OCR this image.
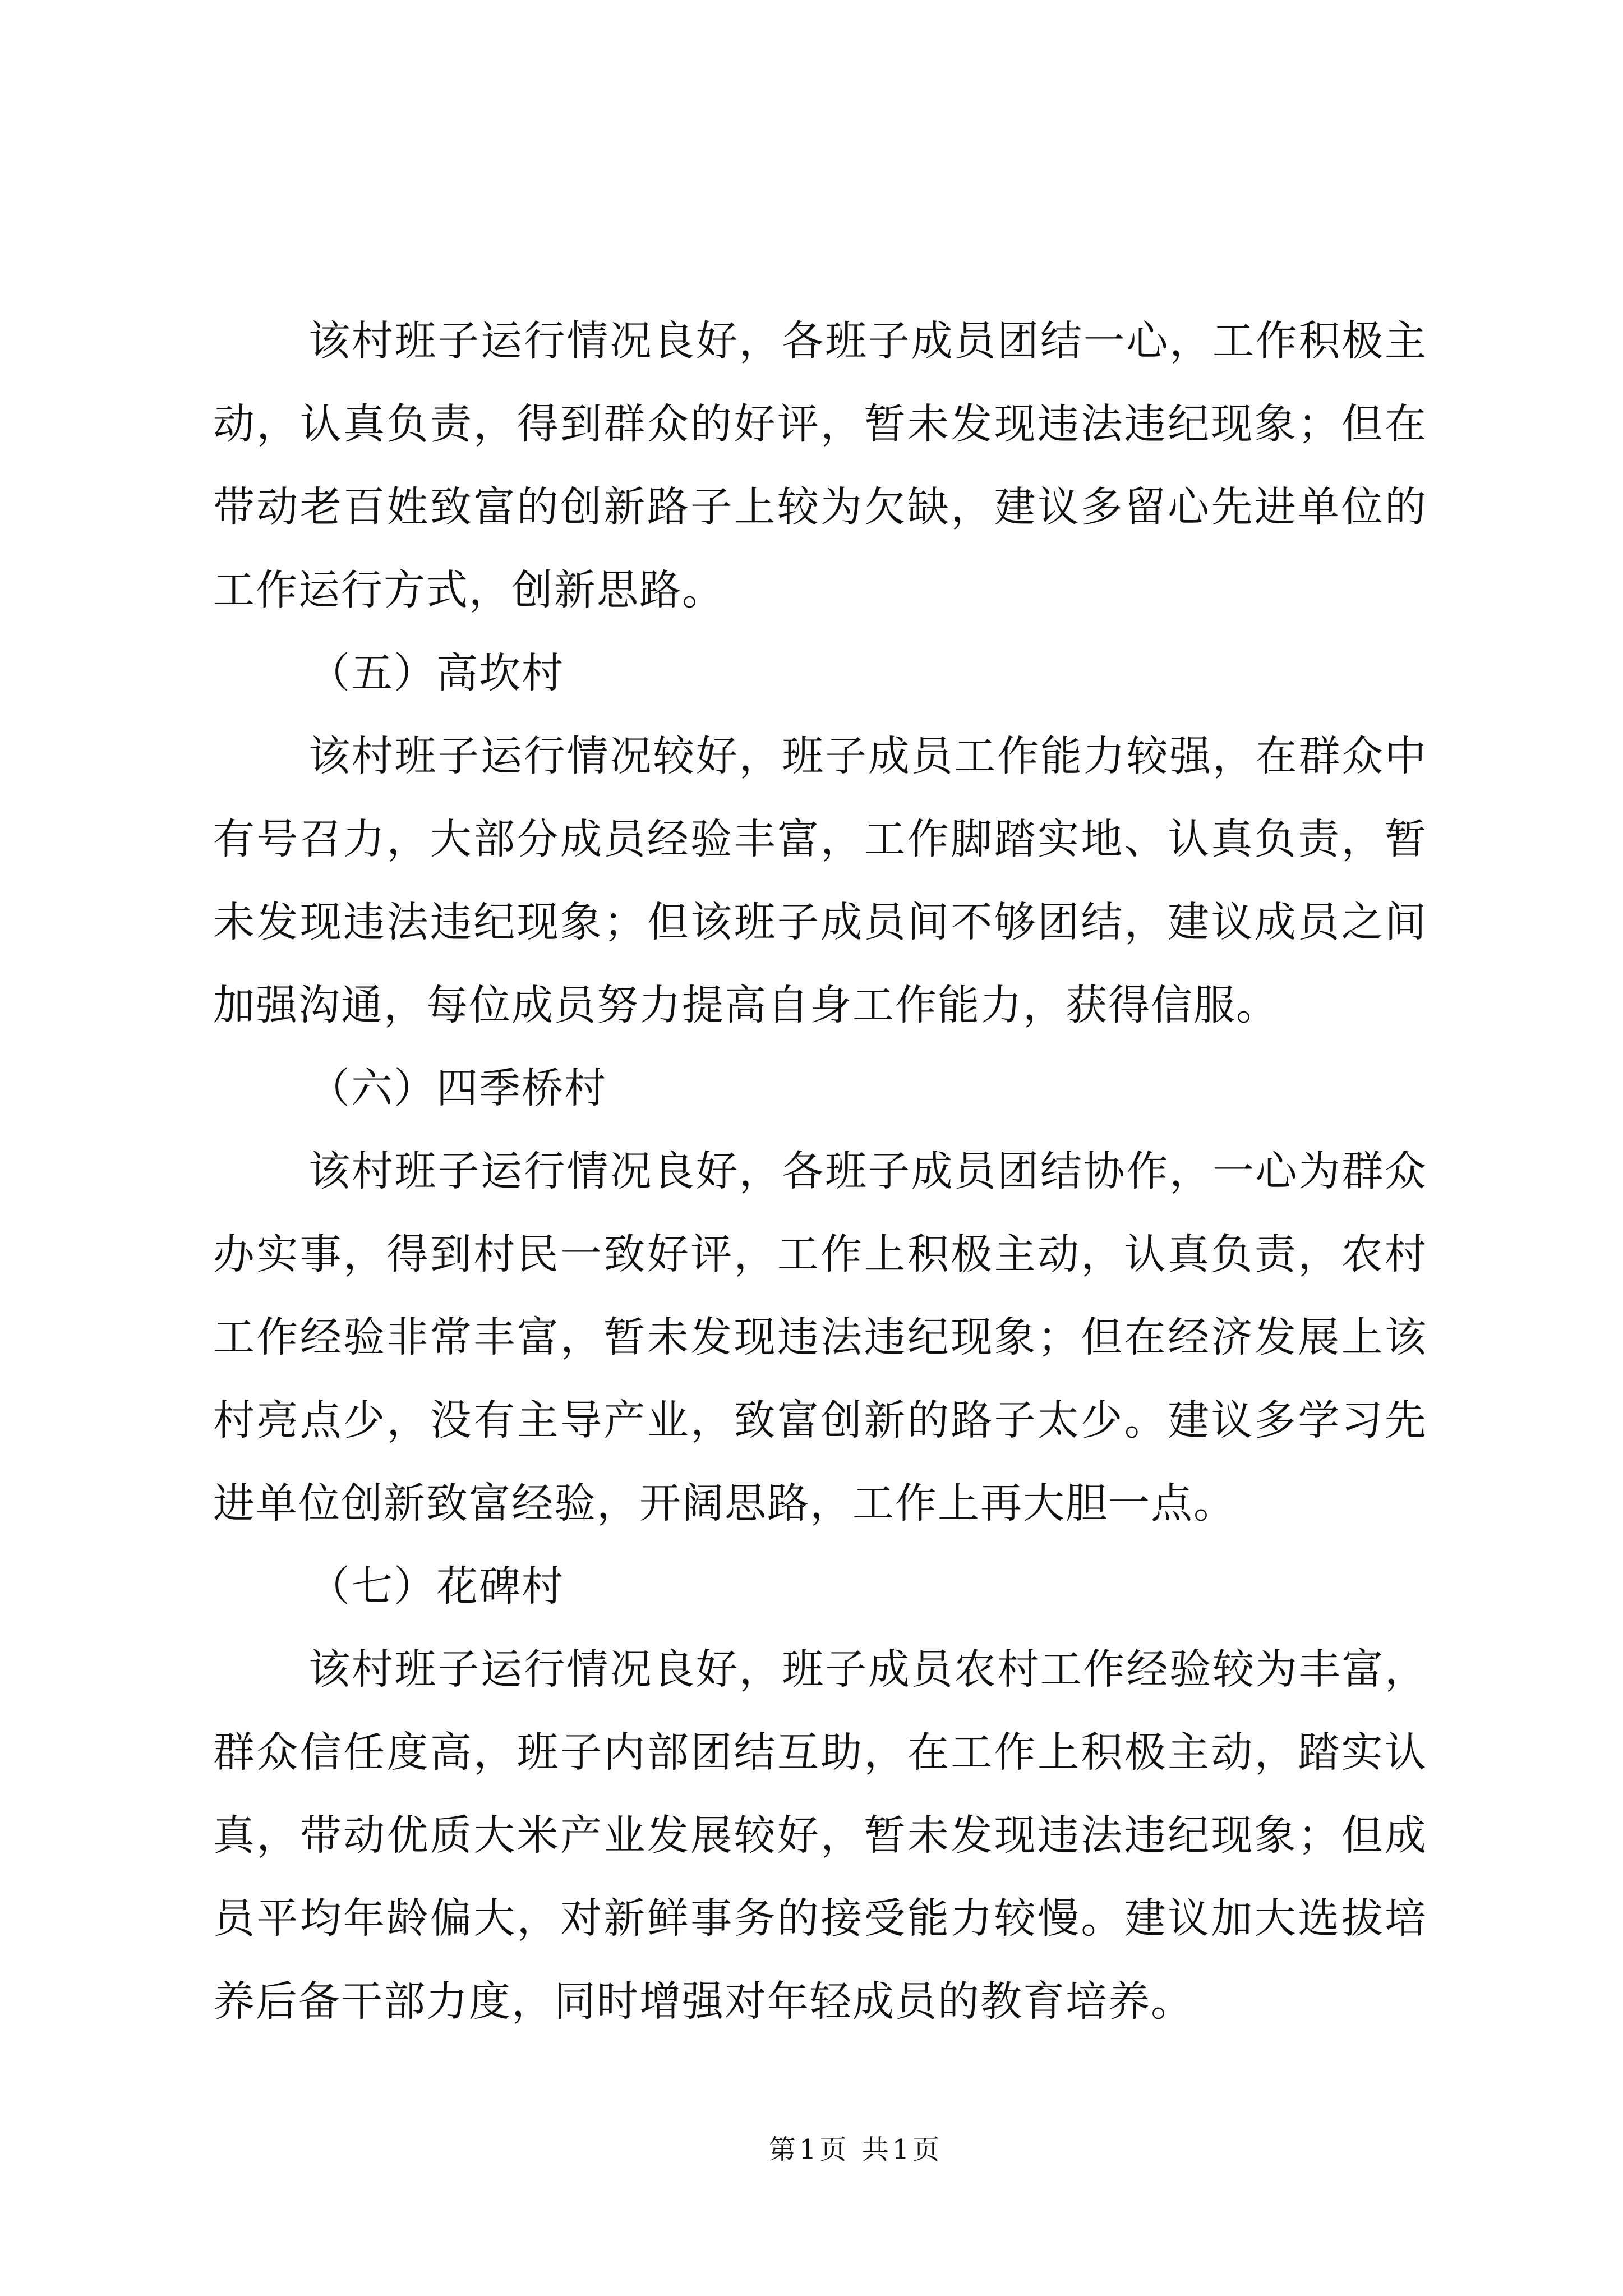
该村班子运行情况良好，各班子成员团结一心，工作积极主
动，认真负责，得到群众的好评，暂未发现违法违纪现象；但在
带动老百姓致富的创新路子上较为欠缺，建议多留心先进单位的
工作运行方式，创新思路。
（五）高坎村
该村班子运行情况较好，班子成员工作能力较强，在群众中
有号召力，大部分成员经验丰富，工作脚踏实地、认真负责，暂
未发现违法违纪现象；但该班子成员间不够团结，建议成员之间
加强沟通，每位成员努力提高自身工作能力，获得信服。
（六）四季桥村
该村班子运行情况良好，各班子成员团结协作，一心为群众
办实事，得到村民一致好评，工作上积极主动，认真负责，农村
工作经验非常丰富，暂未发现违法违纪现象；但在经济发展上该
村亮点少，没有主导产业，致富创新的路子太少。建议多学习先
进单位创新致富经验，开阔思路，工作上再大胆一点。
（七）花碑村
该村班子运行情况良好，班子成员农村工作经验较为丰富，
群众信任度高，班子内部团结互助，在工作上积极主动，踏实认
真，带动优质大米产业发展较好，暂未发现违法违纪现象；但成
员平均年龄偏大，对新鲜事务的接受能力较慢。建议加大选拔培
养后备干部力度，同时增强对年轻成员的教育培养。
第1页 共1页
